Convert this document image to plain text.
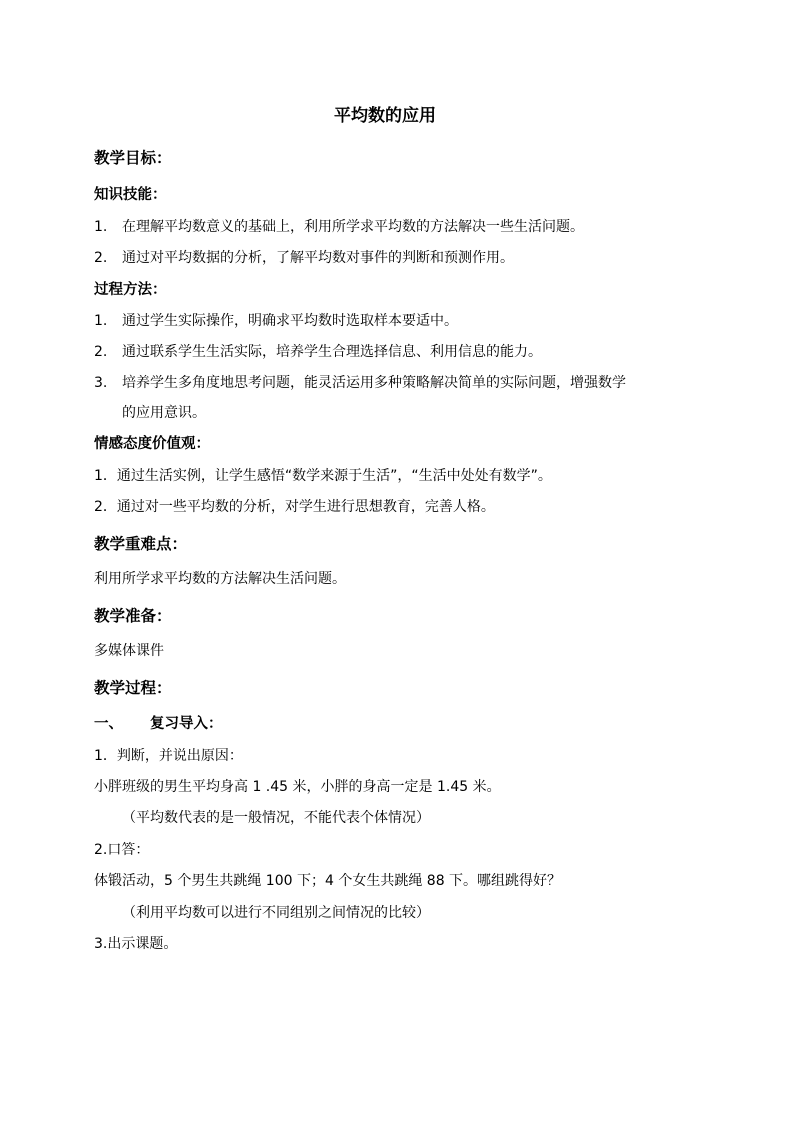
平均数的应用
教学目标：
知识技能：
1. 在理解平均数意义的基础上，利用所学求平均数的方法解决一些生活问题。
2. 通过对平均数据的分析，了解平均数对事件的判断和预测作用。
过程方法：
1. 通过学生实际操作，明确求平均数时选取样本要适中。
2. 通过联系学生生活实际，培养学生合理选择信息、利用信息的能力。
3. 培养学生多角度地思考问题，能灵活运用多种策略解决简单的实际问题，增强数学
的应用意识。
情感态度价值观：
1．通过生活实例，让学生感悟“数学来源于生活”，“生活中处处有数学”。
2．通过对一些平均数的分析，对学生进行思想教育，完善人格。
教学重难点：
利用所学求平均数的方法解决生活问题。
教学准备：
多媒体课件
教学过程：
一、 复习导入：
1．判断，并说出原因：
小胖班级的男生平均身高 1 .45 米，小胖的身高一定是 1.45 米。
（平均数代表的是一般情况，不能代表个体情况）
2.口答：
体锻活动，5 个男生共跳绳 100 下；4 个女生共跳绳 88 下。哪组跳得好？
（利用平均数可以进行不同组别之间情况的比较）
3.出示课题。
